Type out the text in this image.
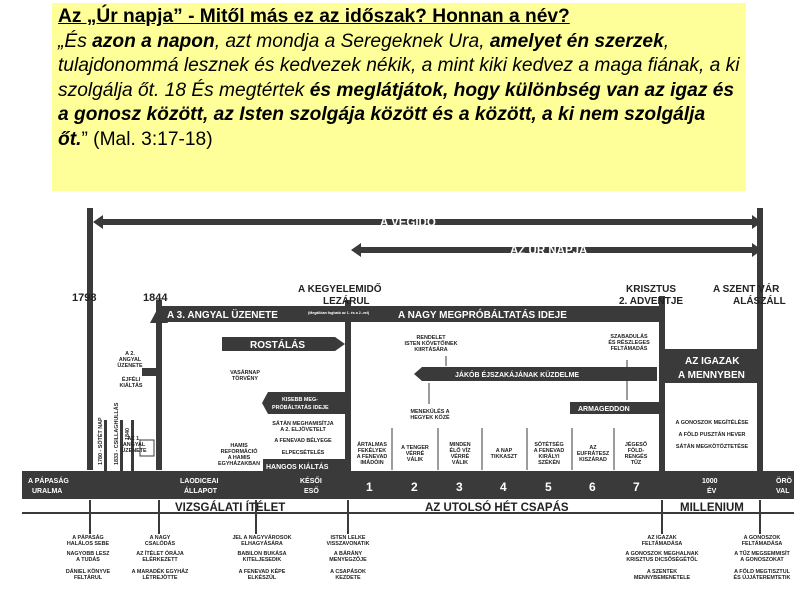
A VÉGIDŐ
AZ ÚR NAPJA
A 3. ANGYAL ÜZENETE	(Megállóan fogható az 1. és a 2.-vel)	A NAGY MEGPRÓBÁLTATÁS IDEJE
ROSTÁLÁS
JÁKÓB ÉJSZAKÁJÁNAK KÜZDELME
ARMAGEDDON
AZ IGAZAK
A MENNYBEN
KISEBB MEG-
PRÓBÁLTATÁS IDEJE
HANGOS KIÁLTÁS
1798	1844
1780 - SÖTÉT NAP 1833 - CSILLAGHULLÁS 1840
A KEGYELEMIDŐ
LEZÁRUL
KRISZTUS
2. ADVENTJE
A SZENT VÁR
ALÁSZÁLL
A PÁPASÁG
URALMA
LAODICEAI
ÁLLAPOT
KÉSŐI
ESŐ	1	2	3	4	5	6	7	1000
ÉV
ÖRÖ
VAL
VIZSGÁLATI ÍTÉLET	AZ UTOLSÓ HÉT CSAPÁS	MILLENIUM
A 2.
ANGYAL
ÜZENETE
ÉJFÉLI
KIÁLTÁS
AZ 1.
ANGYAL
ÜZENETE
VASÁRNAP
TÖRVÉNY
HAMIS
REFORMÁCIÓ
A HAMIS
EGYHÁZAKBAN
SÁTÁN MEGHAMISÍTJA
A 2. ELJÖVETELT
A FENEVAD BÉLYEGE
ELPECSÉTELÉS
RENDELET
ISTEN KÖVETŐINEK
KIIRTÁSÁRA
MENEKÜLÉS A
HEGYEK KÖZÉ
SZABADULÁS
ÉS RÉSZLEGES
FELTÁMADÁS
ÁRTALMAS
FEKÉLYEK
A FENEVAD
IMÁDÓIN
A TENGER
VÉRRÉ
VÁLIK
MINDEN
ÉLŐ VÍZ
VÉRRÉ
VÁLIK
A NAP
TIKKASZT
SÖTÉTSÉG
A FENEVAD
KIRÁLYI
SZÉKÉN
AZ
EUFRÁTESZ
KISZÁRAD
JÉGESŐ
FÖLD-
RENGÉS
TŰZ
A GONOSZOK MEGÍTÉLÉSE
A FÖLD PUSZTÁN HEVER
SÁTÁN MEGKÖTÖZTETÉSE
A PÁPASÁG
HALÁLOS SEBE
NAGYOBB LESZ
A TUDÁS
DÁNIEL KÖNYVE
FELTÁRUL
A NAGY
CSALÓDÁS
AZ ÍTÉLET ÓRÁJA
ELÉRKEZETT
A MARADÉK EGYHÁZ
LÉTREJÖTTE
JEL A NAGYVÁROSOK
ELHAGYÁSÁRA
BABILON BUKÁSA
KITELJESEDIK
A FENEVAD KÉPE
ELKÉSZÜL
ISTEN LELKE
VISSZAVONATIK
A BÁRÁNY
MENYEGZŐJE
A CSAPÁSOK
KEZDETE
AZ IGAZAK
FELTÁMADÁSA
A GONOSZOK MEGHALNAK
KRISZTUS DICSŐSÉGÉTŐL
A SZENTEK
MENNYBEMENETELE
A GONOSZOK
FELTÁMADÁSA
A TŰZ MEGSEMMISÍT
A GONOSZOKAT
A FÖLD MEGTISZTUL
ÉS ÚJJÁTEREMTETIK
Az „Úr napja” - Mitől más ez az időszak? Honnan a név?
„És azon a napon, azt mondja a Seregeknek Ura, amelyet én szerzek, tulajdonommá lesznek és kedvezek nékik, a mint kiki kedvez a maga fiának, a ki szolgálja őt. 18 És megtértek és meglátjátok, hogy különbség van az igaz és a gonosz között, az Isten szolgája között és a között, a ki nem szolgálja őt.” (Mal. 3:17-18)
